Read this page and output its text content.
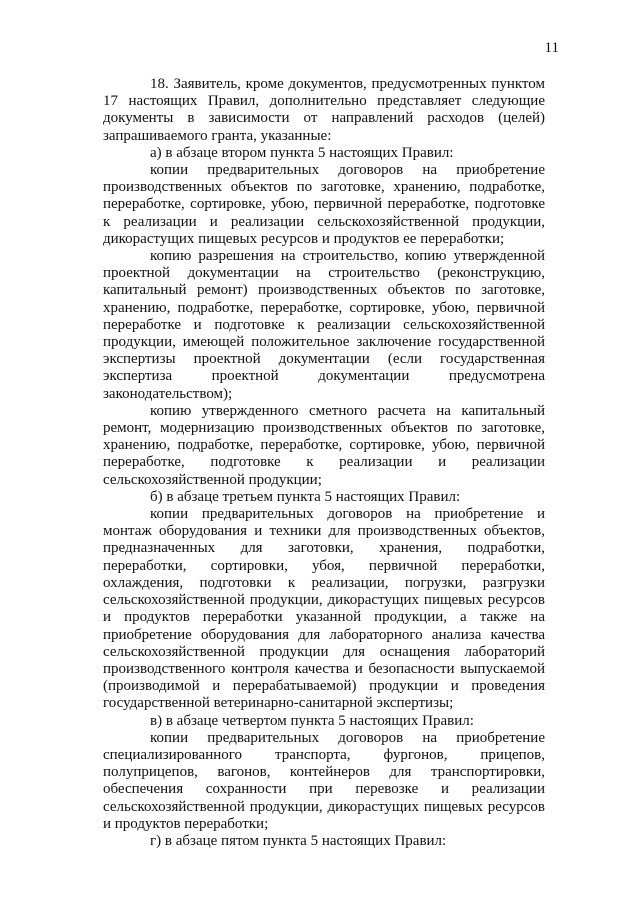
11

18. Заявитель, кроме документов, предусмотренных пунктом 17 настоящих Правил, дополнительно представляет следующие документы в зависимости от направлений расходов (целей) запрашиваемого гранта, указанные:

а) в абзаце втором пункта 5 настоящих Правил:

копии предварительных договоров на приобретение производственных объектов по заготовке, хранению, подработке, переработке, сортировке, убою, первичной переработке, подготовке к реализации и реализации сельскохозяйственной продукции, дикорастущих пищевых ресурсов и продуктов ее переработки;

копию разрешения на строительство, копию утвержденной проектной документации на строительство (реконструкцию, капитальный ремонт) производственных объектов по заготовке, хранению, подработке, переработке, сортировке, убою, первичной переработке и подготовке к реализации сельскохозяйственной продукции, имеющей положительное заключение государственной экспертизы проектной документации (если государственная экспертиза проектной документации предусмотрена законодательством);

копию утвержденного сметного расчета на капитальный ремонт, модернизацию производственных объектов по заготовке, хранению, подработке, переработке, сортировке, убою, первичной переработке, подготовке к реализации и реализации сельскохозяйственной продукции;

б) в абзаце третьем пункта 5 настоящих Правил:

копии предварительных договоров на приобретение и монтаж оборудования и техники для производственных объектов, предназначенных для заготовки, хранения, подработки, переработки, сортировки, убоя, первичной переработки, охлаждения, подготовки к реализации, погрузки, разгрузки сельскохозяйственной продукции, дикорастущих пищевых ресурсов и продуктов переработки указанной продукции, а также на приобретение оборудования для лабораторного анализа качества сельскохозяйственной продукции для оснащения лабораторий производственного контроля качества и безопасности выпускаемой (производимой и перерабатываемой) продукции и проведения государственной ветеринарно-санитарной экспертизы;

в) в абзаце четвертом пункта 5 настоящих Правил:

копии предварительных договоров на приобретение специализированного транспорта, фургонов, прицепов, полуприцепов, вагонов, контейнеров для транспортировки, обеспечения сохранности при перевозке и реализации сельскохозяйственной продукции, дикорастущих пищевых ресурсов и продуктов переработки;

г) в абзаце пятом пункта 5 настоящих Правил:
